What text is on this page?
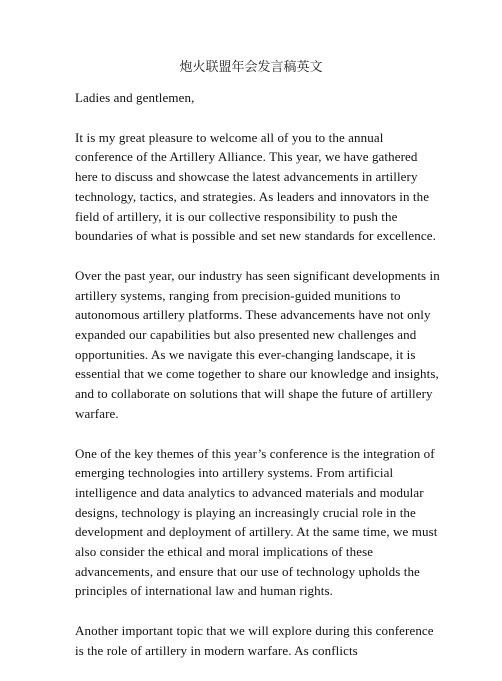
炮火联盟年会发言稿英文

Ladies and gentlemen,

It is my great pleasure to welcome all of you to the annual conference of the Artillery Alliance. This year, we have gathered here to discuss and showcase the latest advancements in artillery technology, tactics, and strategies. As leaders and innovators in the field of artillery, it is our collective responsibility to push the boundaries of what is possible and set new standards for excellence.

Over the past year, our industry has seen significant developments in artillery systems, ranging from precision-guided munitions to autonomous artillery platforms. These advancements have not only expanded our capabilities but also presented new challenges and opportunities. As we navigate this ever-changing landscape, it is essential that we come together to share our knowledge and insights, and to collaborate on solutions that will shape the future of artillery warfare.

One of the key themes of this year’s conference is the integration of emerging technologies into artillery systems. From artificial intelligence and data analytics to advanced materials and modular designs, technology is playing an increasingly crucial role in the development and deployment of artillery. At the same time, we must also consider the ethical and moral implications of these advancements, and ensure that our use of technology upholds the principles of international law and human rights.

Another important topic that we will explore during this conference is the role of artillery in modern warfare. As conflicts
